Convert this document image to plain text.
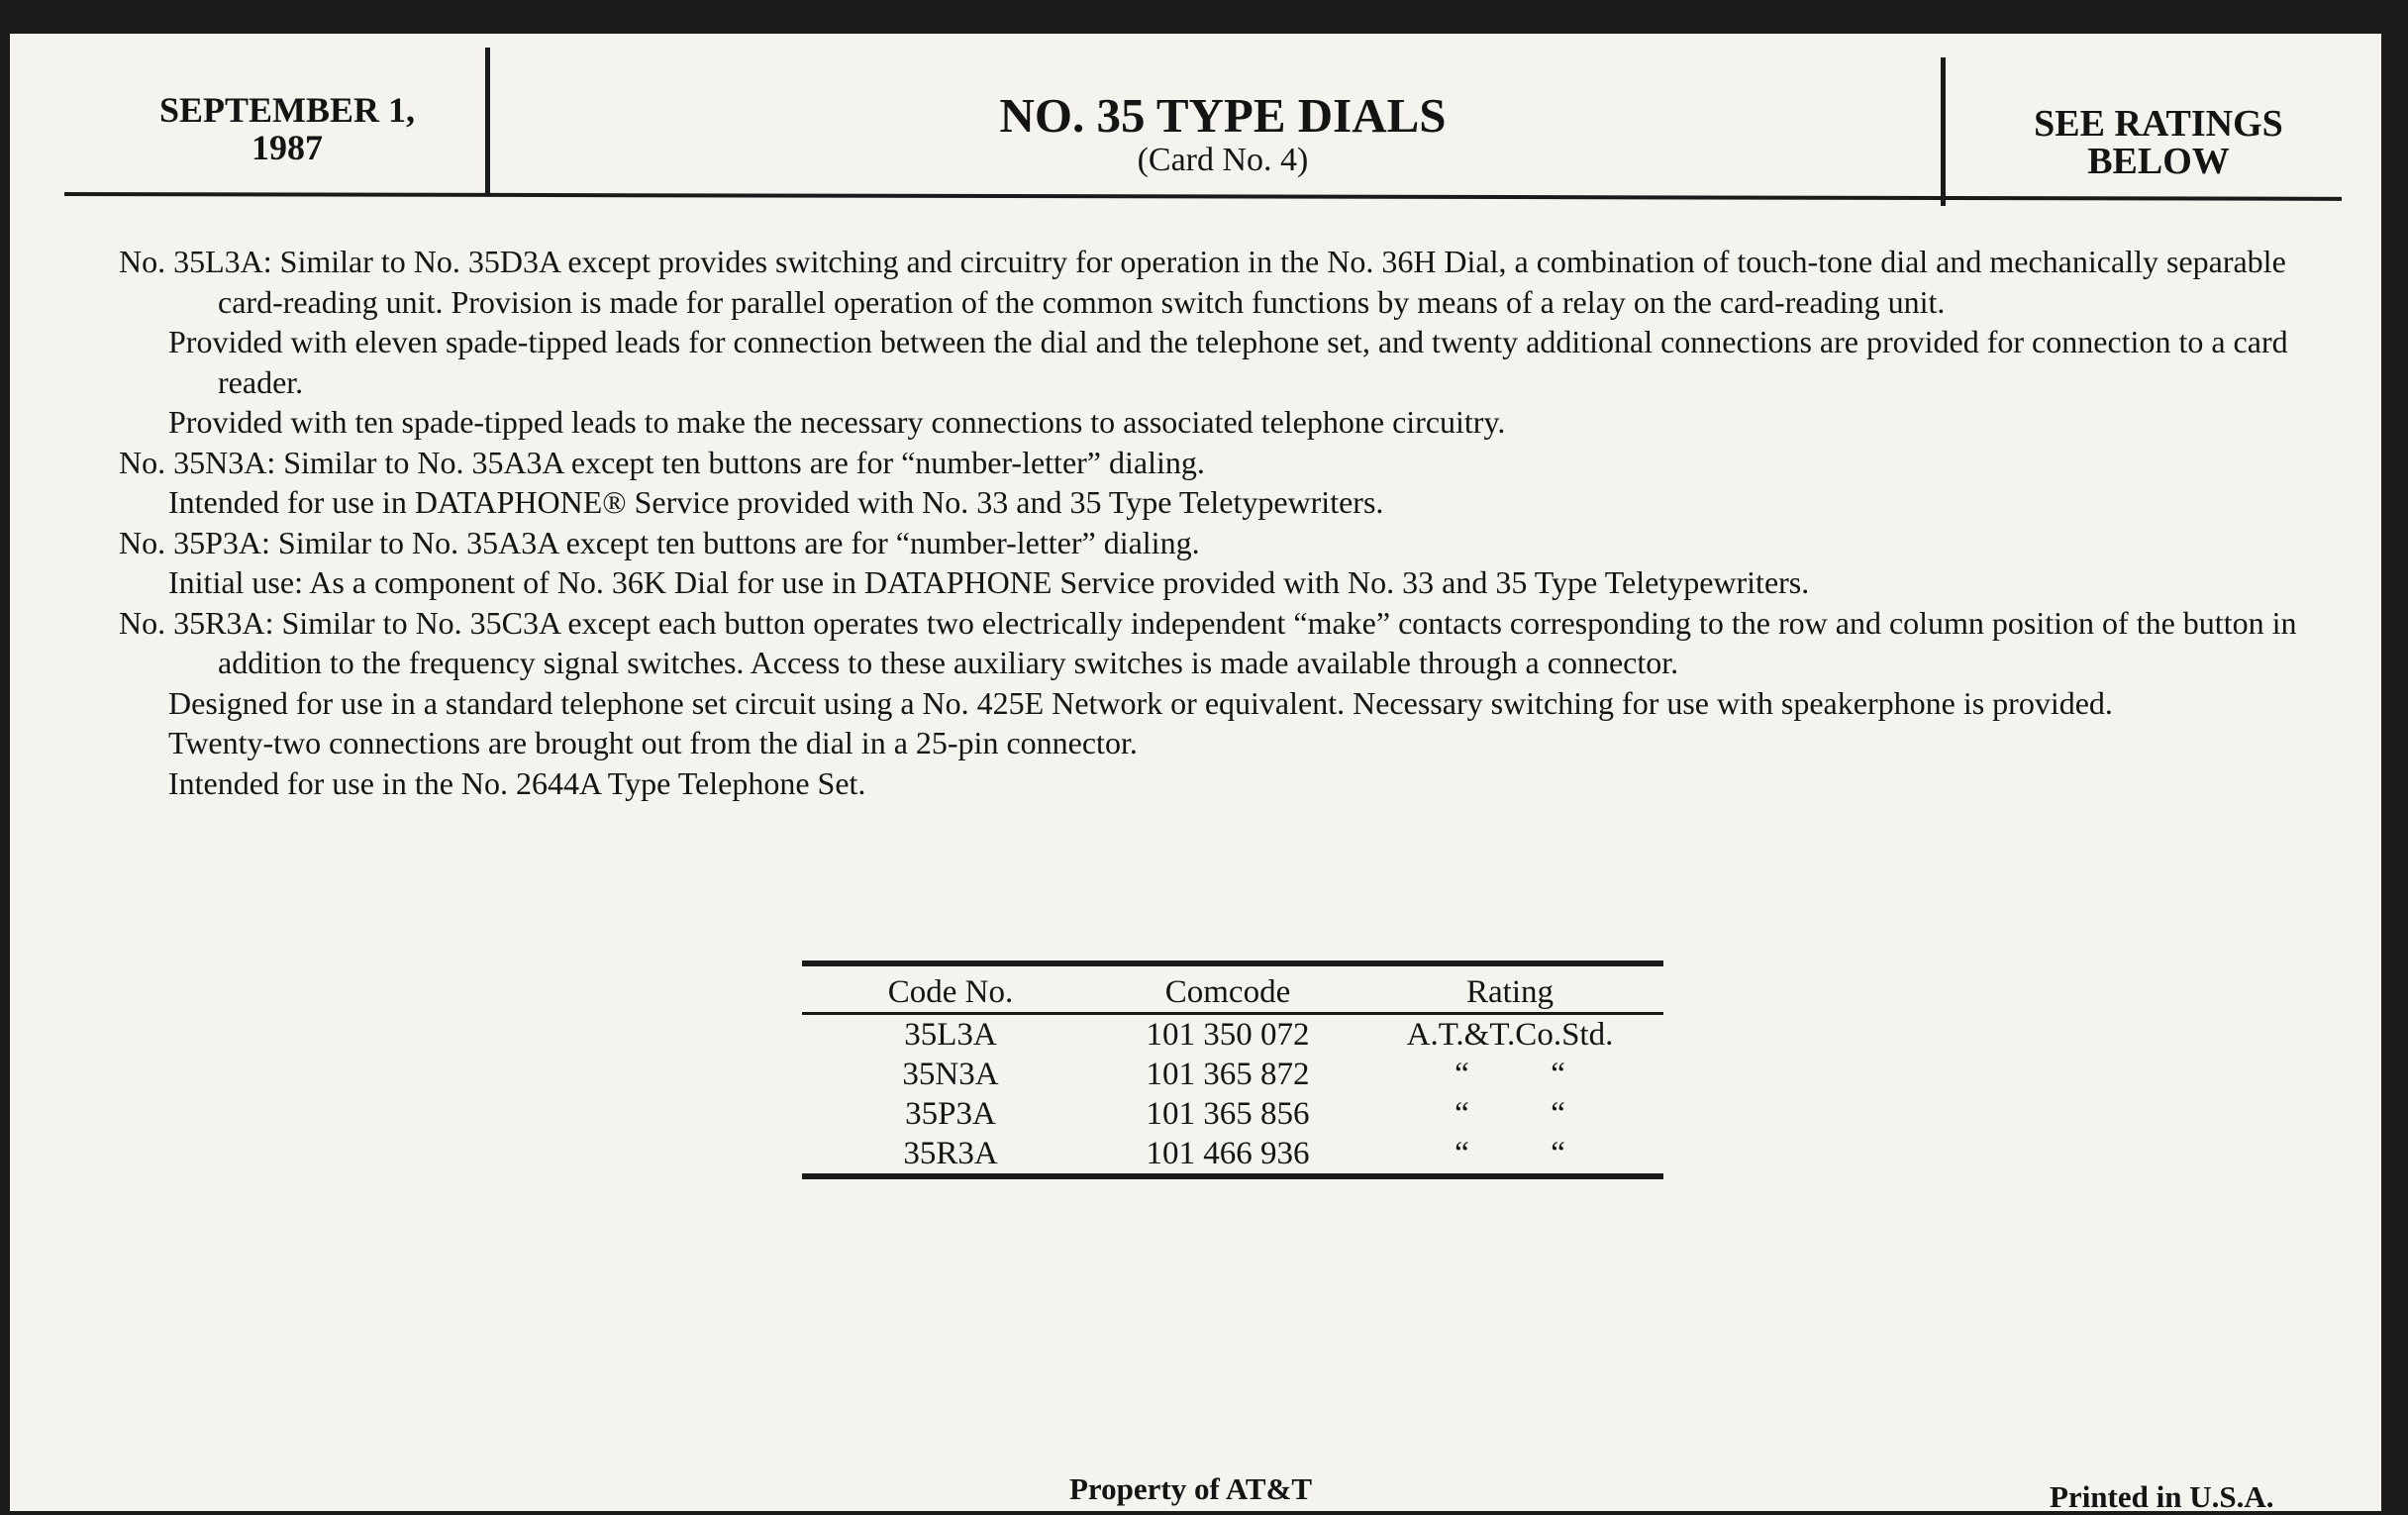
SEPTEMBER 1,
1987
NO. 35 TYPE DIALS
(Card No. 4)
SEE RATINGS
BELOW

No. 35L3A: Similar to No. 35D3A except provides switching and circuitry for operation in the No. 36H Dial, a combination of touch-tone dial and mechanically separable card-reading unit. Provision is made for parallel operation of the common switch functions by means of a relay on the card-reading unit.

Provided with eleven spade-tipped leads for connection between the dial and the telephone set, and twenty additional connections are provided for connection to a card reader.

Provided with ten spade-tipped leads to make the necessary connections to associated telephone circuitry.

No. 35N3A: Similar to No. 35A3A except ten buttons are for “number-letter” dialing.

Intended for use in DATAPHONE® Service provided with No. 33 and 35 Type Teletypewriters.

No. 35P3A: Similar to No. 35A3A except ten buttons are for “number-letter” dialing.

Initial use: As a component of No. 36K Dial for use in DATAPHONE Service provided with No. 33 and 35 Type Teletypewriters.

No. 35R3A: Similar to No. 35C3A except each button operates two electrically independent “make” contacts corresponding to the row and column position of the button in addition to the frequency signal switches. Access to these auxiliary switches is made available through a connector.

Designed for use in a standard telephone set circuit using a No. 425E Network or equivalent. Necessary switching for use with speakerphone is provided.

Twenty-two connections are brought out from the dial in a 25-pin connector.

Intended for use in the No. 2644A Type Telephone Set.

Code No.	Comcode	Rating
35L3A	101 350 072	A.T.&T.Co.Std.
35N3A	101 365 872	“          “
35P3A	101 365 856	“          “
35R3A	101 466 936	“          “
Property of AT&T	Printed in U.S.A.
